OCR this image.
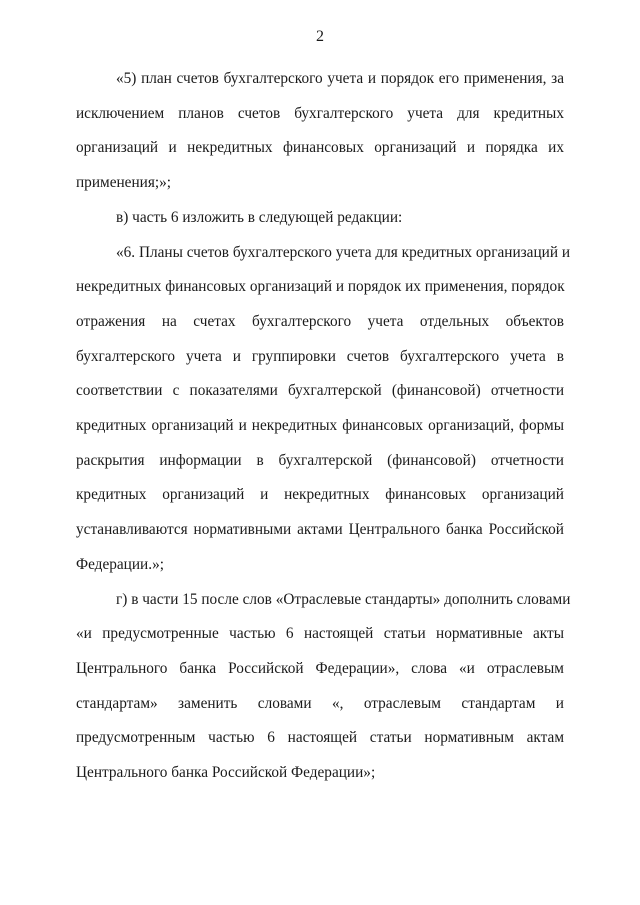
2

«5) план счетов бухгалтерского учета и порядок его применения, за
исключением планов счетов бухгалтерского учета для кредитных
организаций и некредитных финансовых организаций и порядка их
применения;»;

в) часть 6 изложить в следующей редакции:

«6. Планы счетов бухгалтерского учета для кредитных организаций и
некредитных финансовых организаций и порядок их применения, порядок
отражения на счетах бухгалтерского учета отдельных объектов
бухгалтерского учета и группировки счетов бухгалтерского учета в
соответствии с показателями бухгалтерской (финансовой) отчетности
кредитных организаций и некредитных финансовых организаций, формы
раскрытия информации в бухгалтерской (финансовой) отчетности
кредитных организаций и некредитных финансовых организаций
устанавливаются нормативными актами Центрального банка Российской
Федерации.»;

г) в части 15 после слов «Отраслевые стандарты» дополнить словами
«и предусмотренные частью 6 настоящей статьи нормативные акты
Центрального банка Российской Федерации», слова «и отраслевым
стандартам» заменить словами «, отраслевым стандартам и
предусмотренным частью 6 настоящей статьи нормативным актам
Центрального банка Российской Федерации»;
